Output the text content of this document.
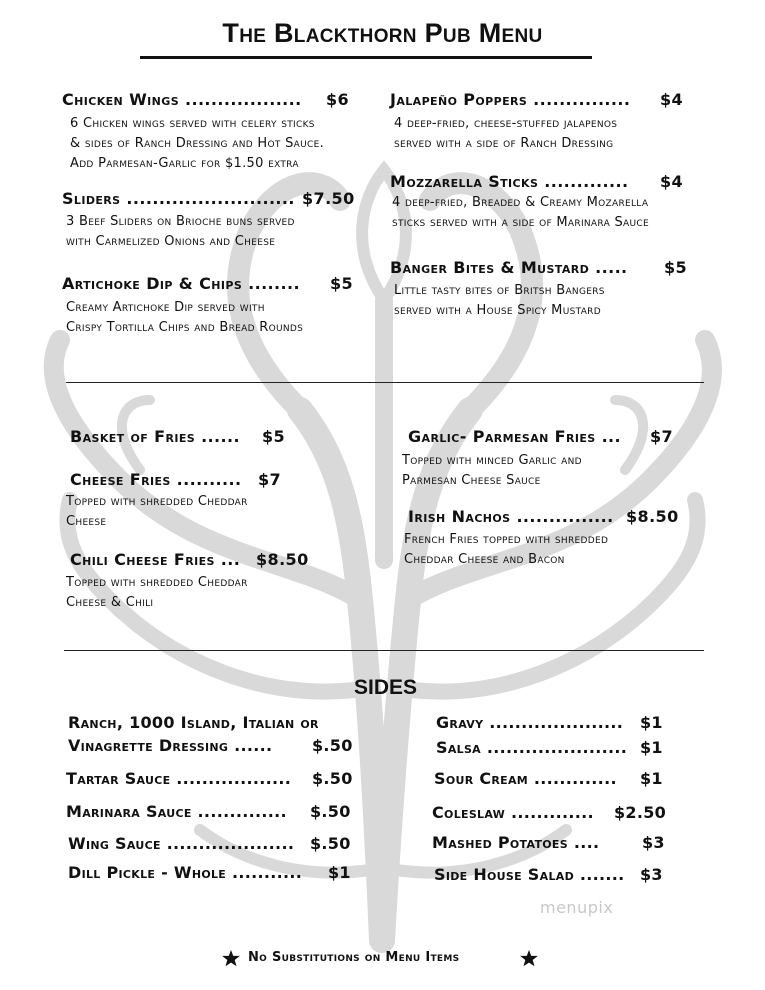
The Blackthorn Pub Menu
Chicken Wings .................. $6
6 Chicken wings served with celery sticks
& sides of Ranch Dressing and Hot Sauce.
Add Parmesan-Garlic for $1.50 extra
Sliders .......................... $7.50
3 Beef Sliders on Brioche buns served
with Carmelized Onions and Cheese
Artichoke Dip & Chips ........ $5
Creamy Artichoke Dip served with
Crispy Tortilla Chips and Bread Rounds
Jalapeño Poppers ............... $4
4 deep-fried, cheese-stuffed jalapenos
served with a side of Ranch Dressing
Mozzarella Sticks ............. $4
4 deep-fried, Breaded & Creamy Mozarella
sticks served with a side of Marinara Sauce
Banger Bites & Mustard ..... $5
Little tasty bites of Britsh Bangers
served with a House Spicy Mustard
Basket of Fries ...... $5
Cheese Fries .......... $7
Topped with shredded Cheddar
Cheese
Chili Cheese Fries ... $8.50
Topped with shredded Cheddar
Cheese & Chili
Garlic- Parmesan Fries ... $7
Topped with minced Garlic and
Parmesan Cheese Sauce
Irish Nachos ............... $8.50
French Fries topped with shredded
Cheddar Cheese and Bacon
SIDES
Ranch, 1000 Island, Italian or
Vinagrette Dressing ...... $.50
Tartar Sauce .................. $.50
Marinara Sauce .............. $.50
Wing Sauce .................... $.50
Dill Pickle - Whole ........... $1
Gravy ..................... $1
Salsa ...................... $1
Sour Cream ............. $1
Coleslaw ............. $2.50
Mashed Potatoes ....	$3
Side House Salad ....... $3
menupix
No Substitutions on Menu Items
